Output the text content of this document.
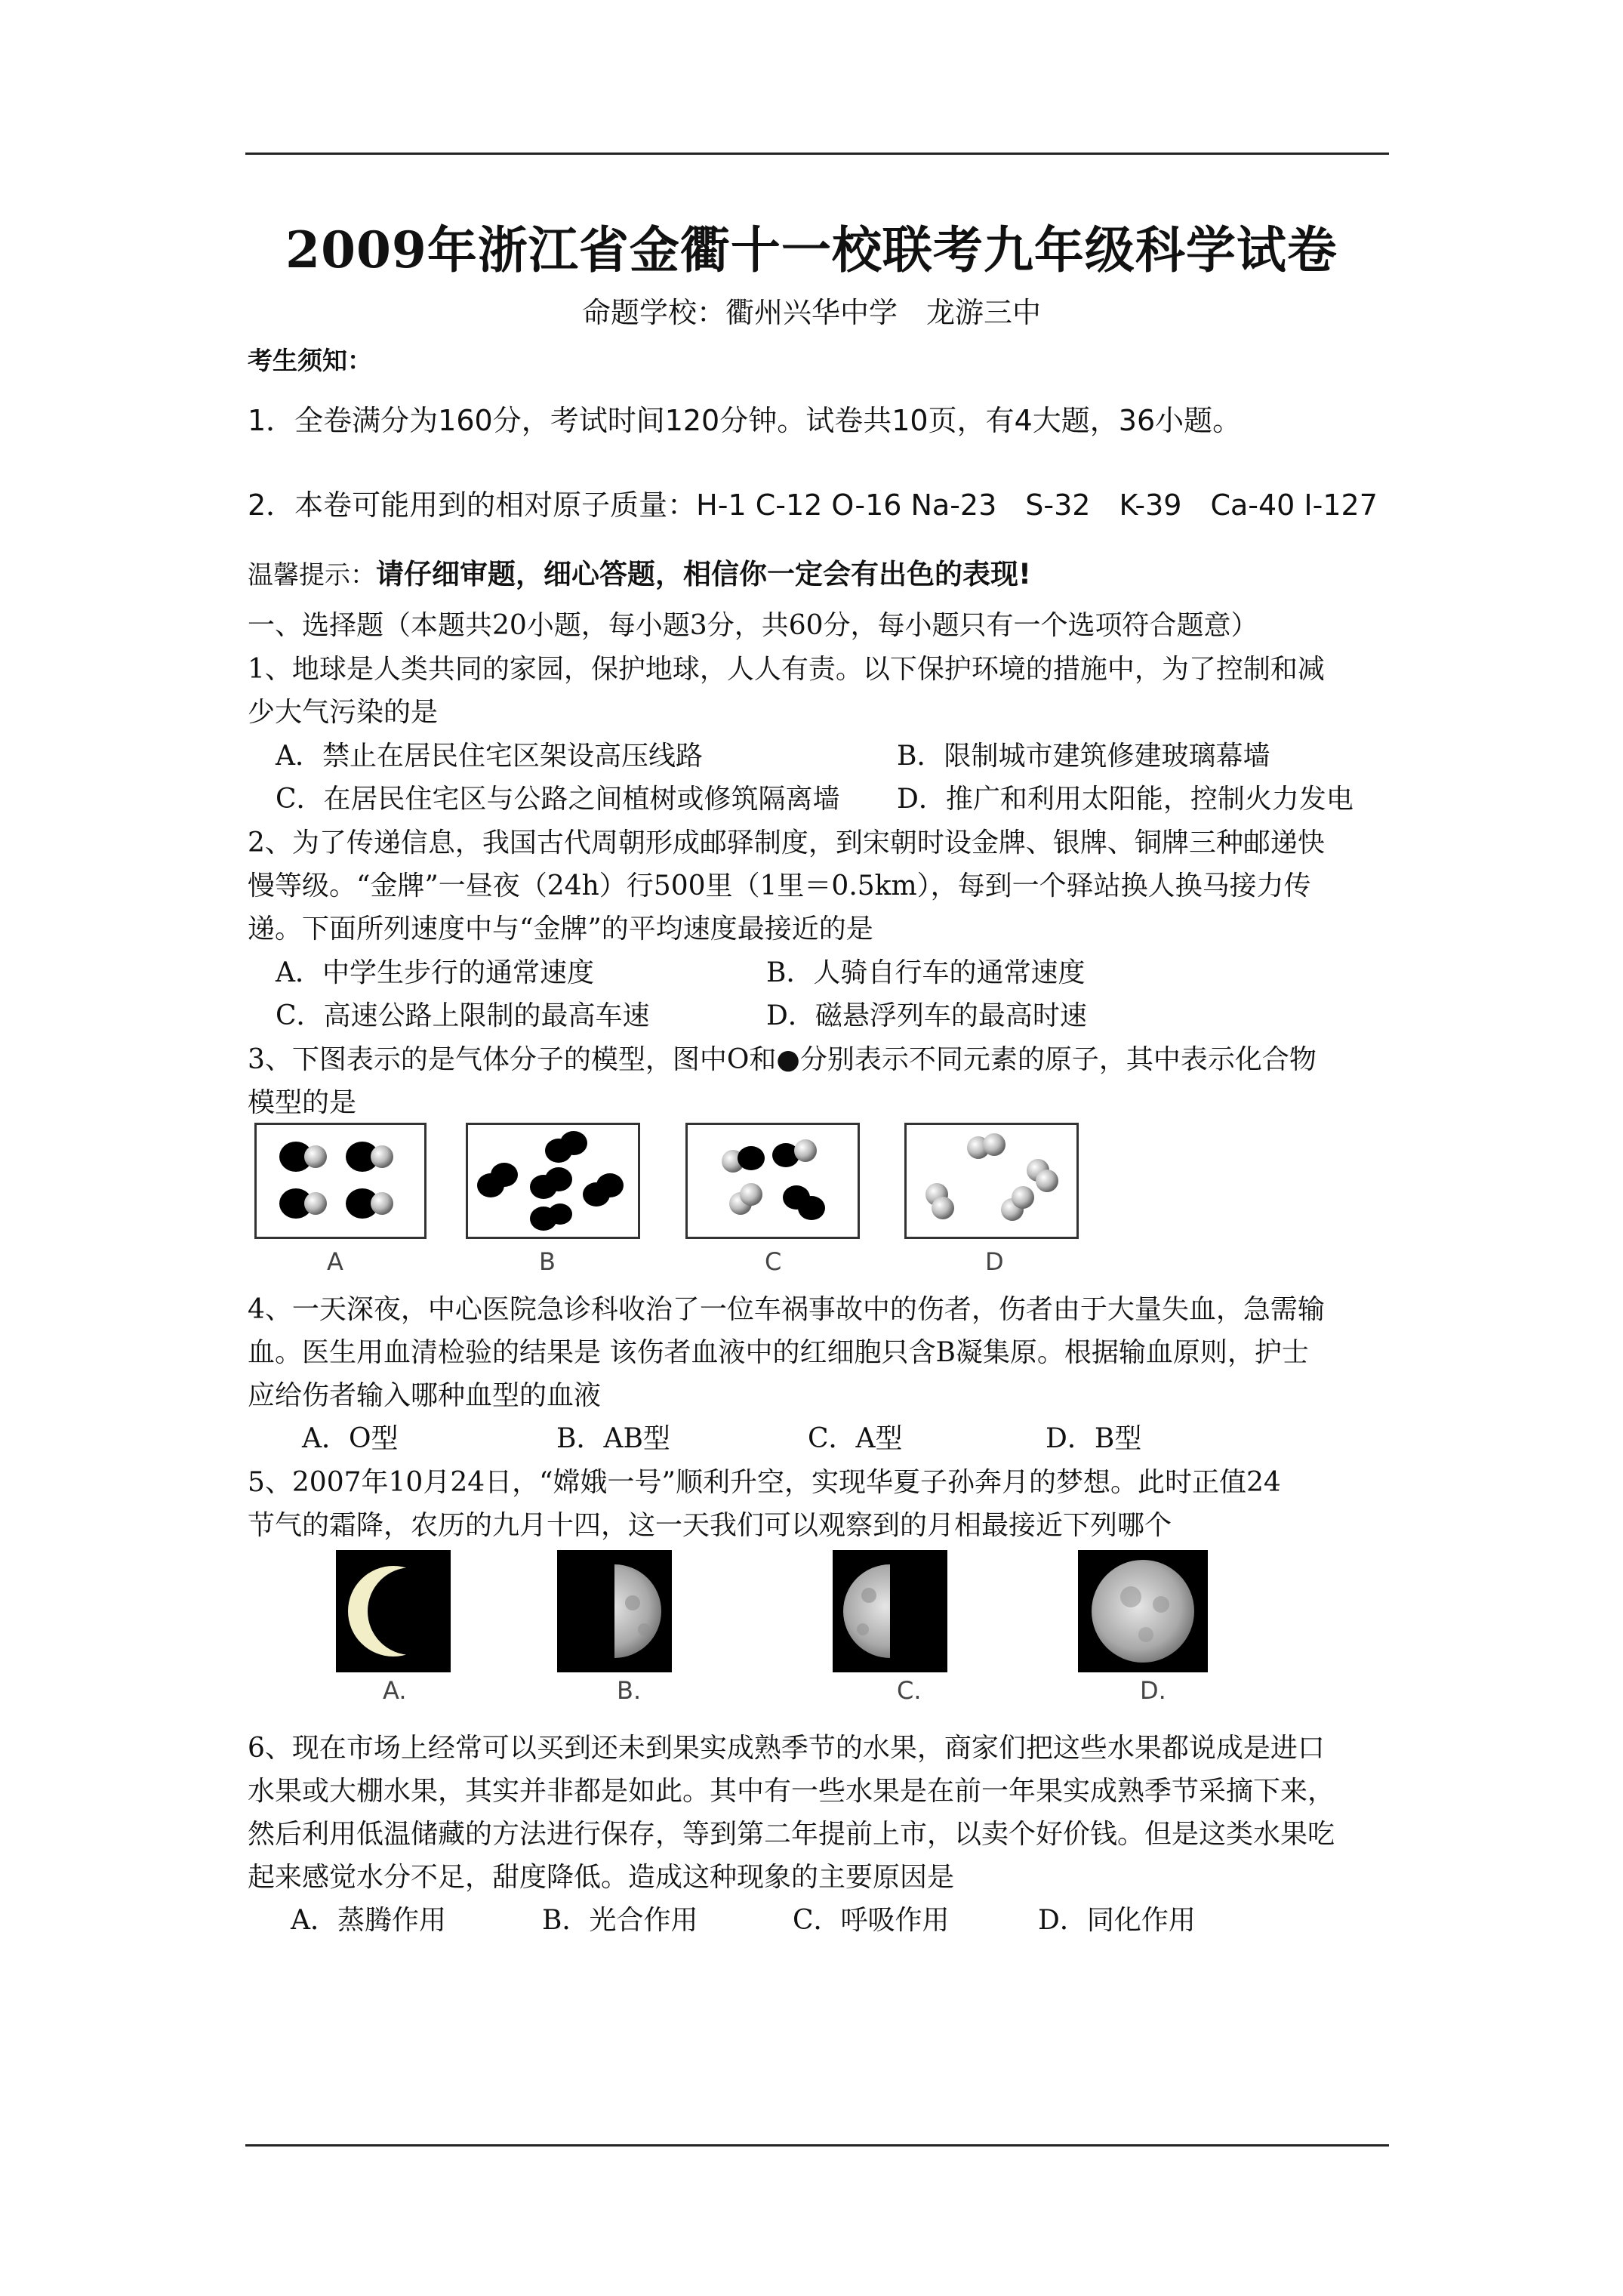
2009年浙江省金衢十一校联考九年级科学试卷
命题学校：衢州兴华中学　龙游三中
考生须知：
1．全卷满分为160分，考试时间120分钟。试卷共10页，有4大题，36小题。
2．本卷可能用到的相对原子质量：H-1 C-12 O-16 Na-23　S-32　K-39　Ca-40 I-127
温馨提示：请仔细审题，细心答题，相信你一定会有出色的表现!
一、选择题（本题共20小题，每小题3分，共60分，每小题只有一个选项符合题意）
1、地球是人类共同的家园，保护地球，人人有责。以下保护环境的措施中，为了控制和减
少大气污染的是
A．禁止在居民住宅区架设高压线路	B．限制城市建筑修建玻璃幕墙
C．在居民住宅区与公路之间植树或修筑隔离墙 D．推广和利用太阳能，控制火力发电
2、为了传递信息，我国古代周朝形成邮驿制度，到宋朝时设金牌、银牌、铜牌三种邮递快
慢等级。“金牌”一昼夜（24h）行500里（1里＝0.5km），每到一个驿站换人换马接力传
递。下面所列速度中与“金牌”的平均速度最接近的是
A．中学生步行的通常速度	B．人骑自行车的通常速度
C．高速公路上限制的最高车速	D．磁悬浮列车的最高时速
3、下图表示的是气体分子的模型，图中O和●分别表示不同元素的原子，其中表示化合物
模型的是
A	B	C	D
4、一天深夜，中心医院急诊科收治了一位车祸事故中的伤者，伤者由于大量失血，急需输
血。医生用血清检验的结果是 该伤者血液中的红细胞只含B凝集原。根据输血原则，护士
应给伤者输入哪种血型的血液
A．O型	B．AB型	C．A型	D．B型
5、2007年10月24日，“嫦娥一号”顺利升空，实现华夏子孙奔月的梦想。此时正值24
节气的霜降，农历的九月十四，这一天我们可以观察到的月相最接近下列哪个
A.	B.	C.	D.
6、现在市场上经常可以买到还未到果实成熟季节的水果，商家们把这些水果都说成是进口
水果或大棚水果，其实并非都是如此。其中有一些水果是在前一年果实成熟季节采摘下来，
然后利用低温储藏的方法进行保存，等到第二年提前上市，以卖个好价钱。但是这类水果吃
起来感觉水分不足，甜度降低。造成这种现象的主要原因是
A．蒸腾作用	B．光合作用	C．呼吸作用	D．同化作用
